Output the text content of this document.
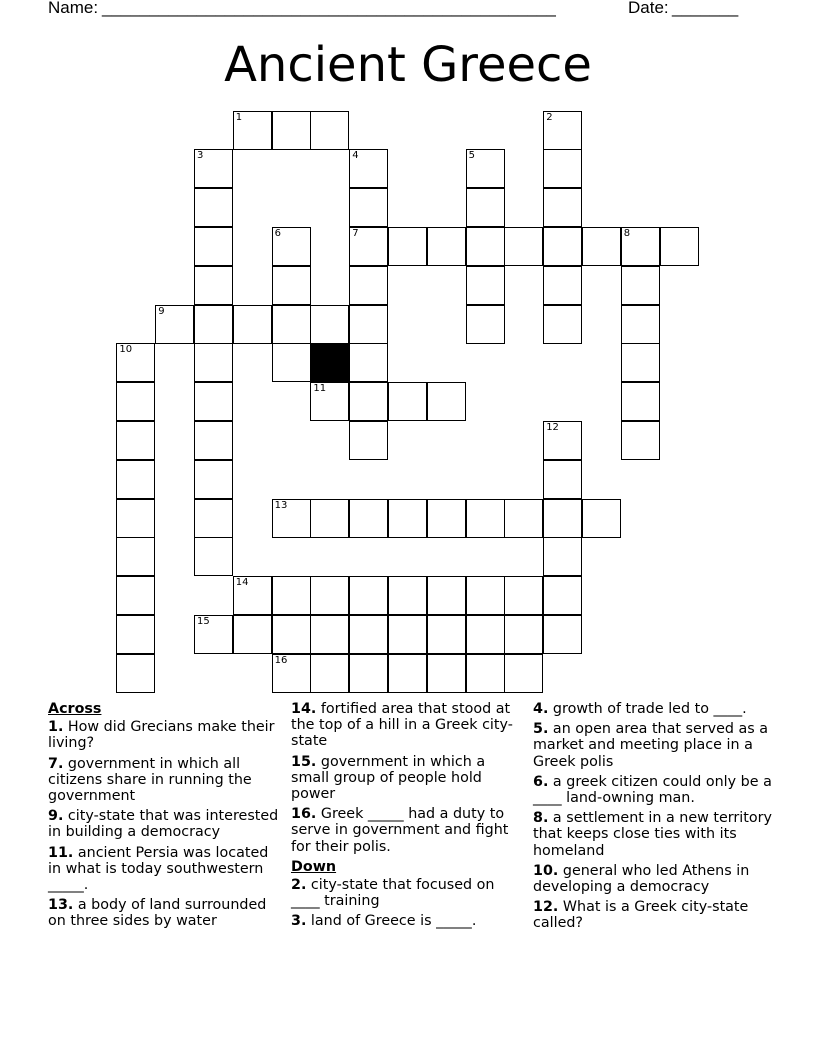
Name: ________________________________________________	Date: _______
Ancient Greece
1	2
3	4
7
5
6	8
9
10
11
12
13
14
15
16
Across
1. How did Grecians make their living?
7. government in which all citizens share in running the government
9. city-state that was interested in building a democracy
11. ancient Persia was located in what is today southwestern _____.
13. a body of land surrounded on three sides by water
14. fortified area that stood at the top of a hill in a Greek city-state
15. government in which a small group of people hold power
16. Greek _____ had a duty to serve in government and fight for their polis.
Down
2. city-state that focused on ____ training
3. land of Greece is _____.
4. growth of trade led to ____.
5. an open area that served as a market and meeting place in a Greek polis
6. a greek citizen could only be a ____ land-owning man.
8. a settlement in a new territory that keeps close ties with its homeland
10. general who led Athens in developing a democracy
12. What is a Greek city-state called?
